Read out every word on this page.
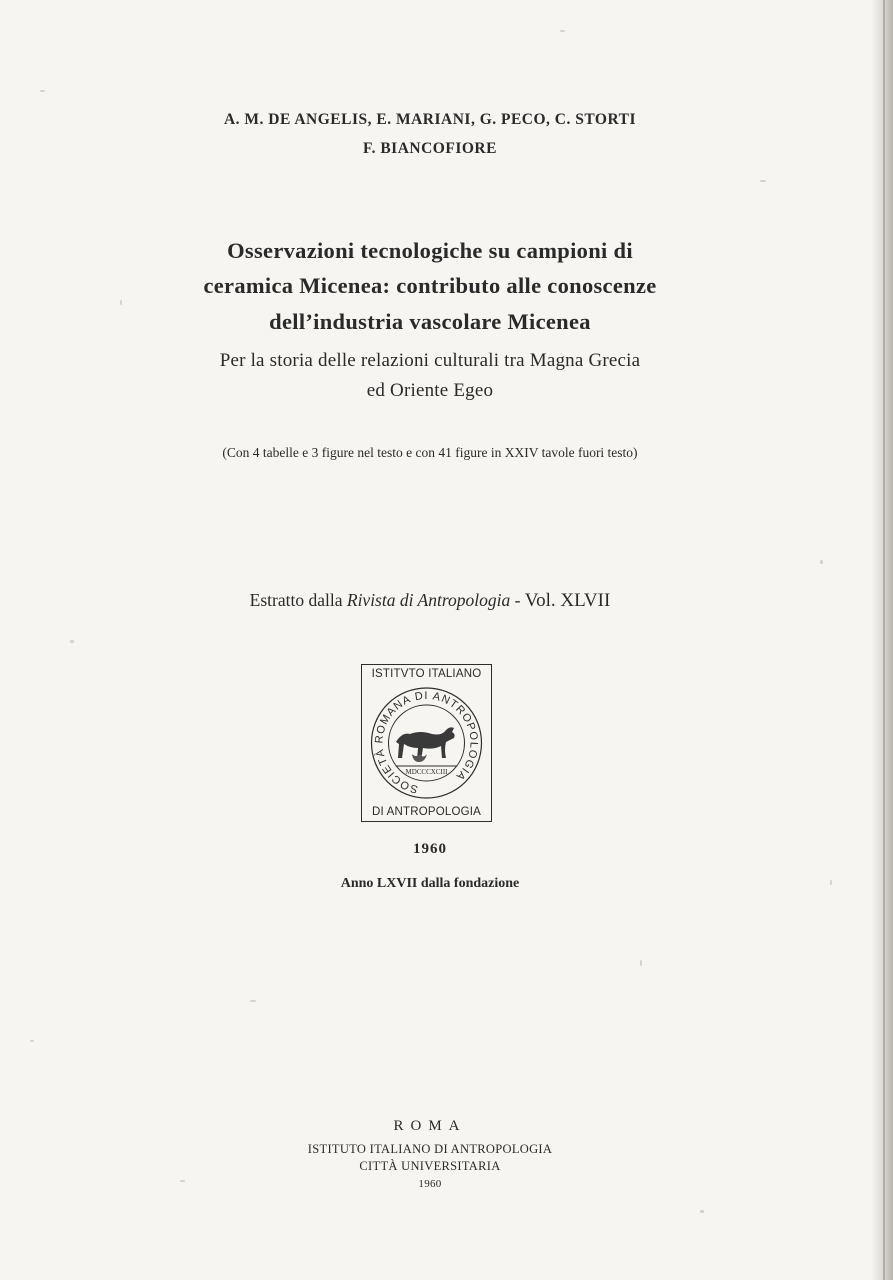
A. M. DE ANGELIS, E. MARIANI, G. PECO, C. STORTI
F. BIANCOFIORE
Osservazioni tecnologiche su campioni di
ceramica Micenea: contributo alle conoscenze
dell’industria vascolare Micenea
Per la storia delle relazioni culturali tra Magna Grecia
ed Oriente Egeo
(Con 4 tabelle e 3 figure nel testo e con 41 figure in XXIV tavole fuori testo)
Estratto dalla Rivista di Antropologia - Vol. XLVII
ISTITVTO ITALIANO
SOCIETÀ ROMANA DI ANTROPOLOGIA
MDCCCXCIII
DI ANTROPOLOGIA
1960
Anno LXVII dalla fondazione
ROMA
ISTITUTO ITALIANO DI ANTROPOLOGIA
CITTÀ UNIVERSITARIA
1960
